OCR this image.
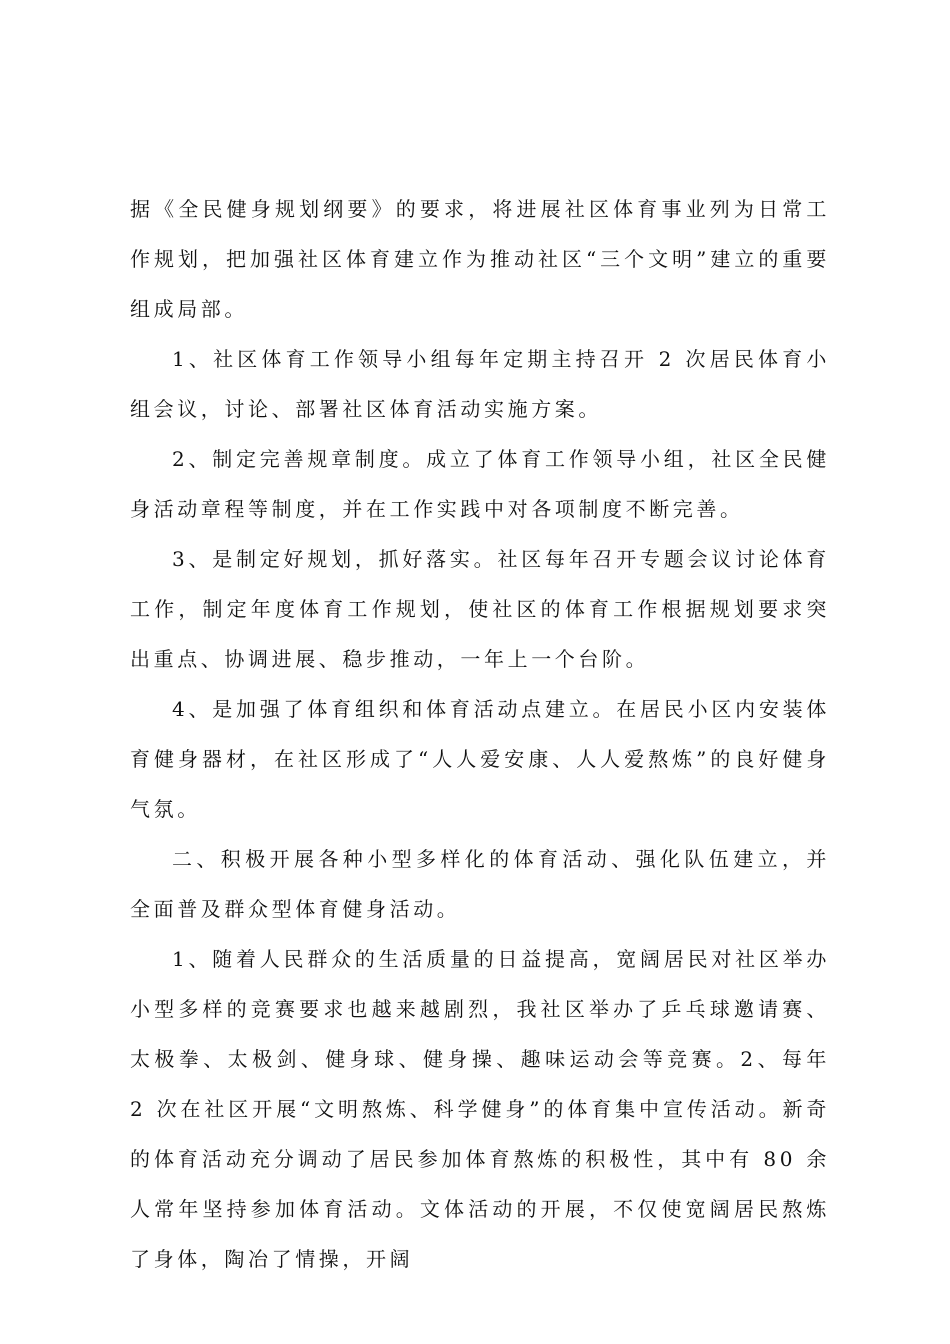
据《全民健身规划纲要》的要求，将进展社区体育事业列为日常工作规划，把加强社区体育建立作为推动社区“三个文明”建立的重要组成局部。

1、社区体育工作领导小组每年定期主持召开 2 次居民体育小组会议，讨论、部署社区体育活动实施方案。

2、制定完善规章制度。成立了体育工作领导小组，社区全民健身活动章程等制度，并在工作实践中对各项制度不断完善。

3、是制定好规划，抓好落实。社区每年召开专题会议讨论体育工作，制定年度体育工作规划，使社区的体育工作根据规划要求突出重点、协调进展、稳步推动，一年上一个台阶。

4、是加强了体育组织和体育活动点建立。在居民小区内安装体育健身器材，在社区形成了“人人爱安康、人人爱熬炼”的良好健身气氛。

二、积极开展各种小型多样化的体育活动、强化队伍建立，并全面普及群众型体育健身活动。

1、随着人民群众的生活质量的日益提高，宽阔居民对社区举办小型多样的竞赛要求也越来越剧烈，我社区举办了乒乓球邀请赛、太极拳、太极剑、健身球、健身操、趣味运动会等竞赛。2、每年 2 次在社区开展“文明熬炼、科学健身”的体育集中宣传活动。新奇的体育活动充分调动了居民参加体育熬炼的积极性，其中有 80 余人常年坚持参加体育活动。文体活动的开展，不仅使宽阔居民熬炼了身体，陶冶了情操，开阔
